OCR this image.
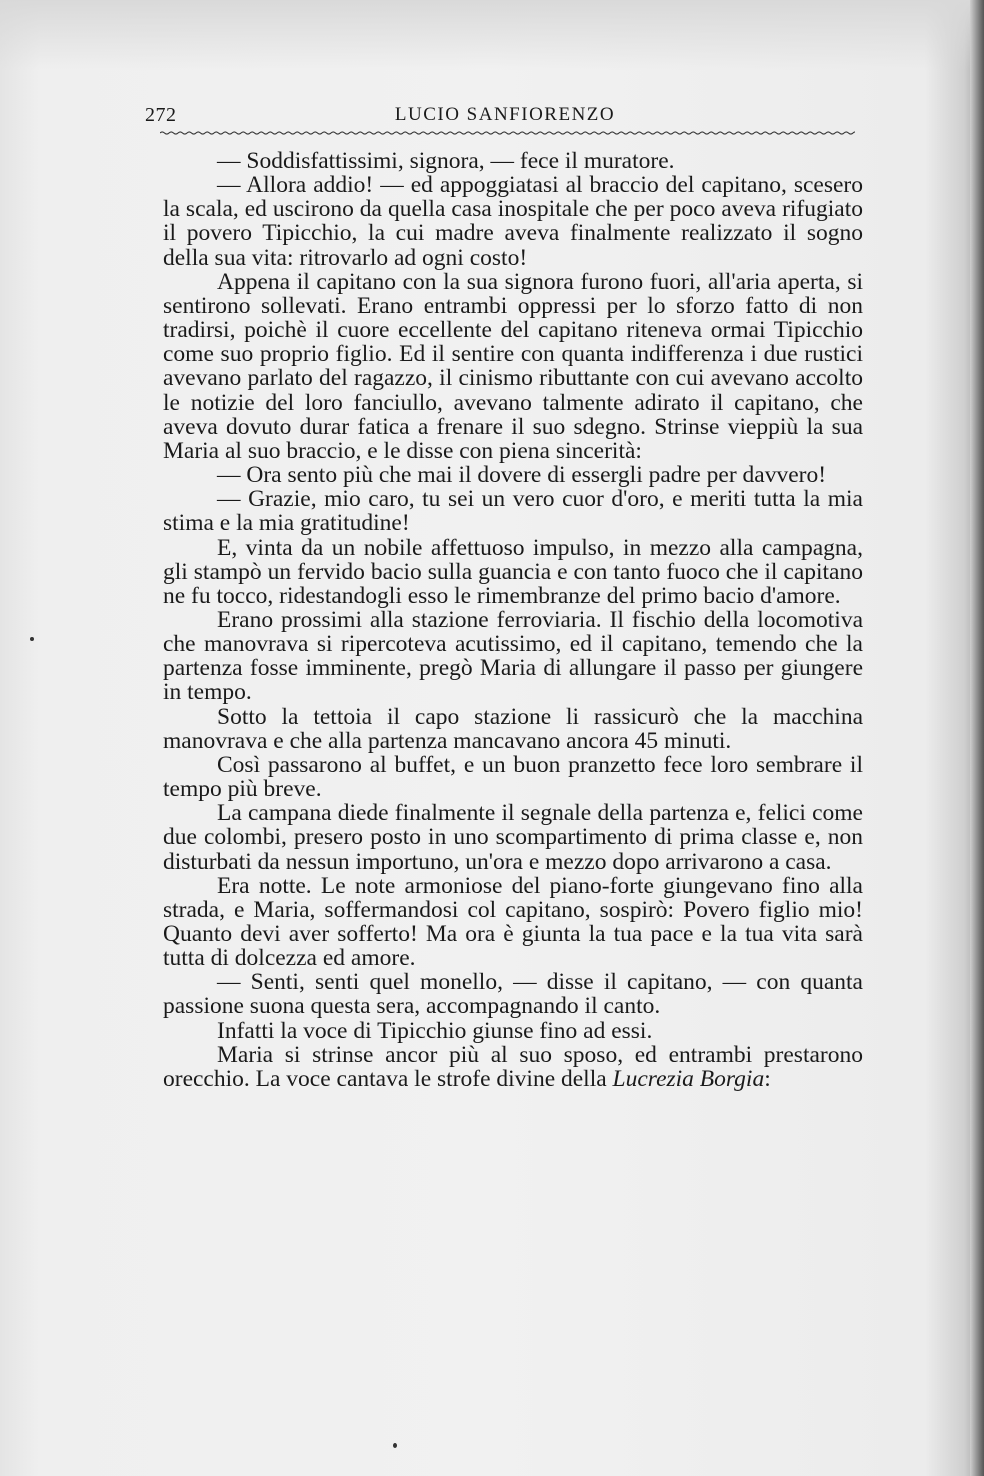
272	LUCIO SANFIORENZO

— Soddisfattissimi, signora, — fece il muratore.

— Allora addio! — ed appoggiatasi al braccio del capitano, scesero la scala, ed uscirono da quella casa inospitale che per poco aveva rifugiato il povero Tipicchio, la cui madre aveva finalmente realizzato il sogno della sua vita: ritrovarlo ad ogni costo!

Appena il capitano con la sua signora furono fuori, all'aria aperta, si sentirono sollevati. Erano entrambi oppressi per lo sforzo fatto di non tradirsi, poichè il cuore eccellente del capitano riteneva ormai Tipicchio come suo proprio figlio. Ed il sentire con quanta indifferenza i due rustici avevano parlato del ragazzo, il cinismo ributtante con cui avevano accolto le notizie del loro fanciullo, avevano talmente adirato il capitano, che aveva dovuto durar fatica a frenare il suo sdegno. Strinse vieppiù la sua Maria al suo braccio, e le disse con piena sincerità:

— Ora sento più che mai il dovere di essergli padre per davvero!

— Grazie, mio caro, tu sei un vero cuor d'oro, e meriti tutta la mia stima e la mia gratitudine!

E, vinta da un nobile affettuoso impulso, in mezzo alla campagna, gli stampò un fervido bacio sulla guancia e con tanto fuoco che il capitano ne fu tocco, ridestandogli esso le rimembranze del primo bacio d'amore.

Erano prossimi alla stazione ferroviaria. Il fischio della locomotiva che manovrava si ripercoteva acutissimo, ed il capitano, temendo che la partenza fosse imminente, pregò Maria di allungare il passo per giungere in tempo.

Sotto la tettoia il capo stazione li rassicurò che la macchina manovrava e che alla partenza mancavano ancora 45 minuti.

Così passarono al buffet, e un buon pranzetto fece loro sembrare il tempo più breve.

La campana diede finalmente il segnale della partenza e, felici come due colombi, presero posto in uno scompartimento di prima classe e, non disturbati da nessun importuno, un'ora e mezzo dopo arrivarono a casa.

Era notte. Le note armoniose del piano-forte giungevano fino alla strada, e Maria, soffermandosi col capitano, sospirò: Povero figlio mio! Quanto devi aver sofferto! Ma ora è giunta la tua pace e la tua vita sarà tutta di dolcezza ed amore.

— Senti, senti quel monello, — disse il capitano, — con quanta passione suona questa sera, accompagnando il canto.

Infatti la voce di Tipicchio giunse fino ad essi.

Maria si strinse ancor più al suo sposo, ed entrambi prestarono orecchio. La voce cantava le strofe divine della Lucrezia Borgia:
